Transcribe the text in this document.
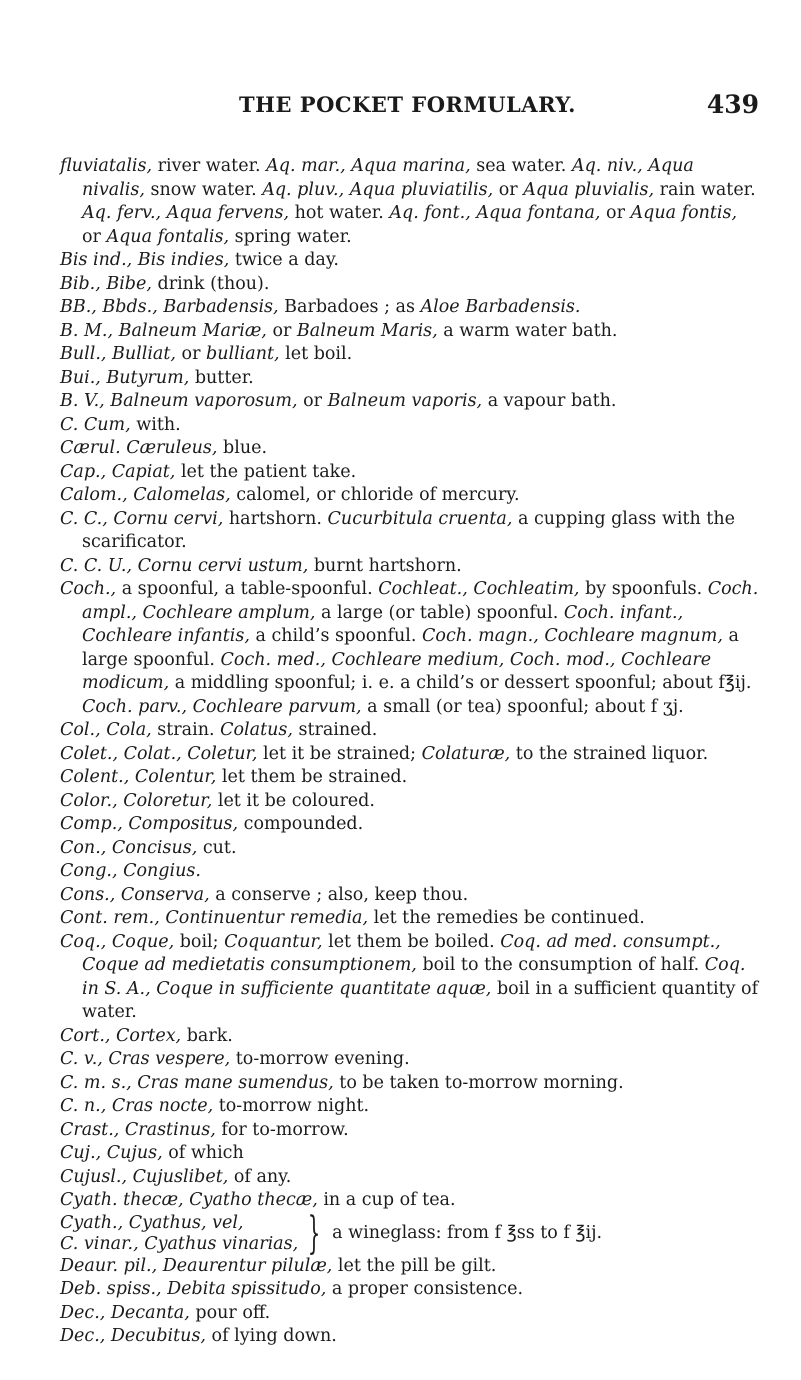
THE POCKET FORMULARY.	439

fluviatalis, river water. Aq. mar., Aqua marina, sea water. Aq. niv., Aqua nivalis, snow water. Aq. pluv., Aqua pluviatilis, or Aqua pluvialis, rain water. Aq. ferv., Aqua fervens, hot water. Aq. font., Aqua fontana, or Aqua fontis, or Aqua fontalis, spring water.

Bis ind., Bis indies, twice a day.

Bib., Bibe, drink (thou).

BB., Bbds., Barbadensis, Barbadoes ; as Aloe Barbadensis.

B. M., Balneum Mariæ, or Balneum Maris, a warm water bath.

Bull., Bulliat, or bulliant, let boil.

Bui., Butyrum, butter.

B. V., Balneum vaporosum, or Balneum vaporis, a vapour bath.

C. Cum, with.

Cærul. Cæruleus, blue.

Cap., Capiat, let the patient take.

Calom., Calomelas, calomel, or chloride of mercury.

C. C., Cornu cervi, hartshorn. Cucurbitula cruenta, a cupping glass with the scarificator.

C. C. U., Cornu cervi ustum, burnt hartshorn.

Coch., a spoonful, a table-spoonful. Cochleat., Cochleatim, by spoonfuls. Coch. ampl., Cochleare amplum, a large (or table) spoonful. Coch. infant., Cochleare infantis, a child’s spoonful. Coch. magn., Cochleare magnum, a large spoonful. Coch. med., Cochleare medium, Coch. mod., Cochleare modicum, a middling spoonful; i. e. a child’s or dessert spoonful; about f℥ij. Coch. parv., Cochleare parvum, a small (or tea) spoonful; about f ʒj.

Col., Cola, strain. Colatus, strained.

Colet., Colat., Coletur, let it be strained; Colaturæ, to the strained liquor.

Colent., Colentur, let them be strained.

Color., Coloretur, let it be coloured.

Comp., Compositus, compounded.

Con., Concisus, cut.

Cong., Congius.

Cons., Conserva, a conserve ; also, keep thou.

Cont. rem., Continuentur remedia, let the remedies be continued.

Coq., Coque, boil; Coquantur, let them be boiled. Coq. ad med. consumpt., Coque ad medietatis consumptionem, boil to the consumption of half. Coq. in S. A., Coque in sufficiente quantitate aquæ, boil in a sufficient quantity of water.

Cort., Cortex, bark.

C. v., Cras vespere, to-morrow evening.

C. m. s., Cras mane sumendus, to be taken to-morrow morning.

C. n., Cras nocte, to-morrow night.

Crast., Crastinus, for to-morrow.

Cuj., Cujus, of which

Cujusl., Cujuslibet, of any.

Cyath. thecæ, Cyatho thecæ, in a cup of tea.

Cyath., Cyathus, vel,
C. vinar., Cyathus vinarias, } a wineglass: from f ℥ss to f ℥ij.

Deaur. pil., Deaurentur pilulæ, let the pill be gilt.

Deb. spiss., Debita spissitudo, a proper consistence.

Dec., Decanta, pour off.

Dec., Decubitus, of lying down.
